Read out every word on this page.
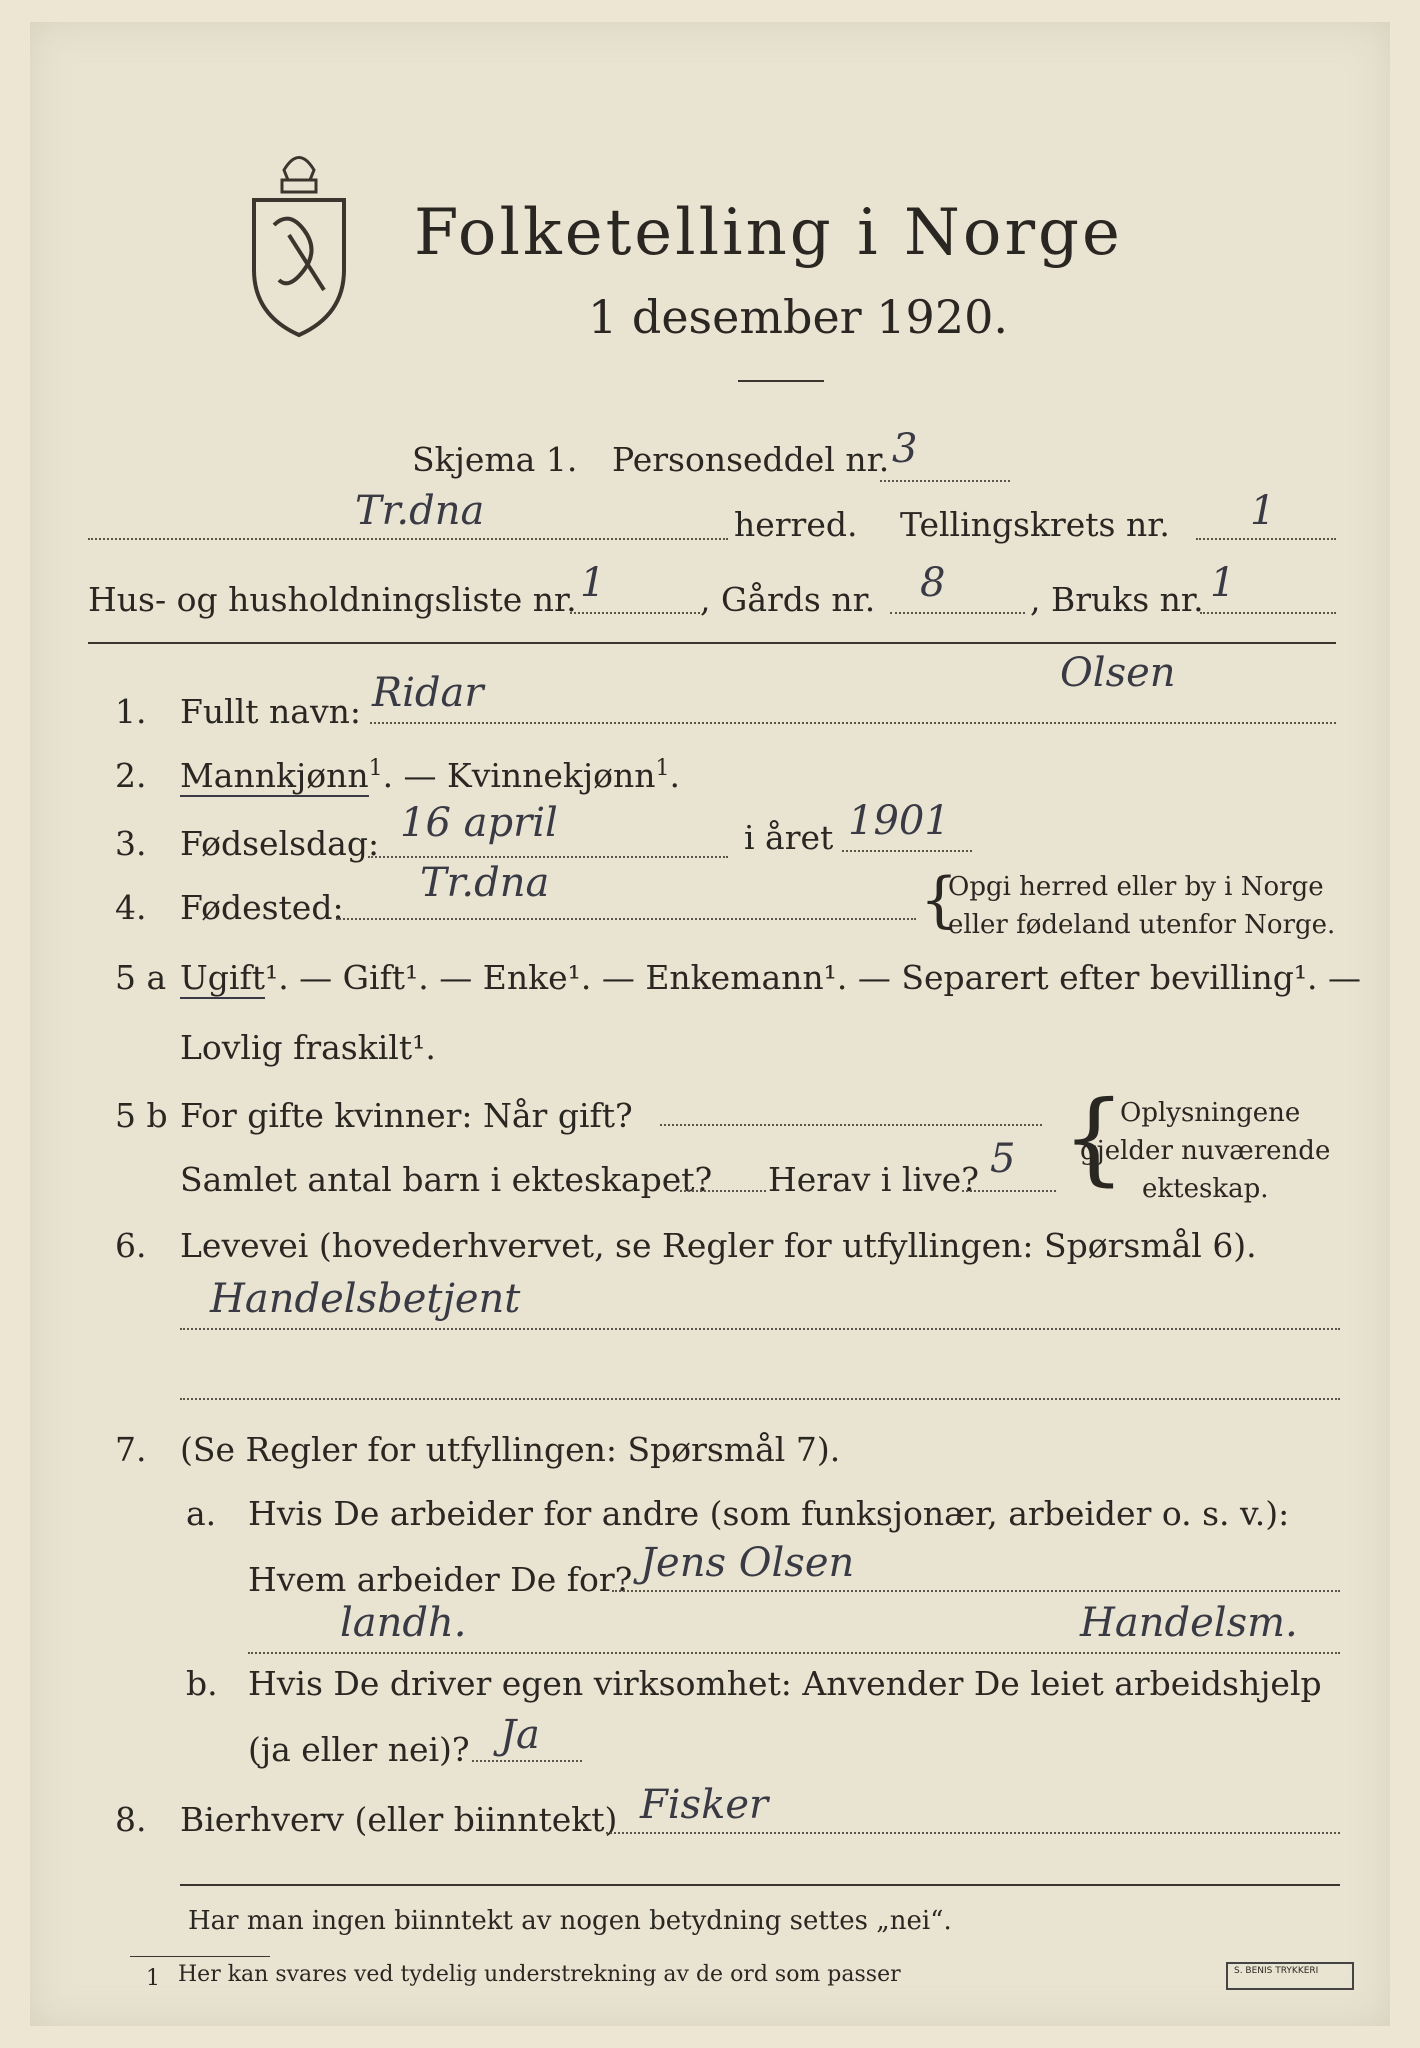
Folketelling i Norge
1 desember 1920.
Skjema 1. Personseddel nr. 3
Tr.dna	herred. Tellingskrets nr. 1
Hus- og husholdningsliste nr. 1	, Gårds nr. 8	, Bruks nr. 1
1. Fullt navn: Ridar	Olsen
2. Mannkjønn$^1$. — Kvinnekjønn$^1$.
3. Fødselsdag: 16 april	i året 1901
4. Fødested:
Tr.dna	{
Opgi herred eller by i Norge
eller fødeland utenfor Norge.
5 a Ugift¹. — Gift¹. — Enke¹. — Enkemann¹. — Separert efter bevilling¹. —
Lovlig fraskilt¹.
5 b For gifte kvinner: Når gift?
Samlet antal barn i ekteskapet? Herav i live? 5 {
Oplysningene
gjelder nuværende
ekteskap.
6. Levevei (hovederhvervet, se Regler for utfyllingen: Spørsmål 6).
Handelsbetjent
7. (Se Regler for utfyllingen: Spørsmål 7).
a. Hvis De arbeider for andre (som funksjonær, arbeider o. s. v.):
Hvem arbeider De for? Jens Olsen
landh.	Handelsm.
b. Hvis De driver egen virksomhet: Anvender De leiet arbeidshjelp
(ja eller nei)? Ja
8. Bierhverv (eller biinntekt) Fisker
Har man ingen biinntekt av nogen betydning settes „nei“.
1 Her kan svares ved tydelig understrekning av de ord som passer	S. BENIS TRYKKERI
